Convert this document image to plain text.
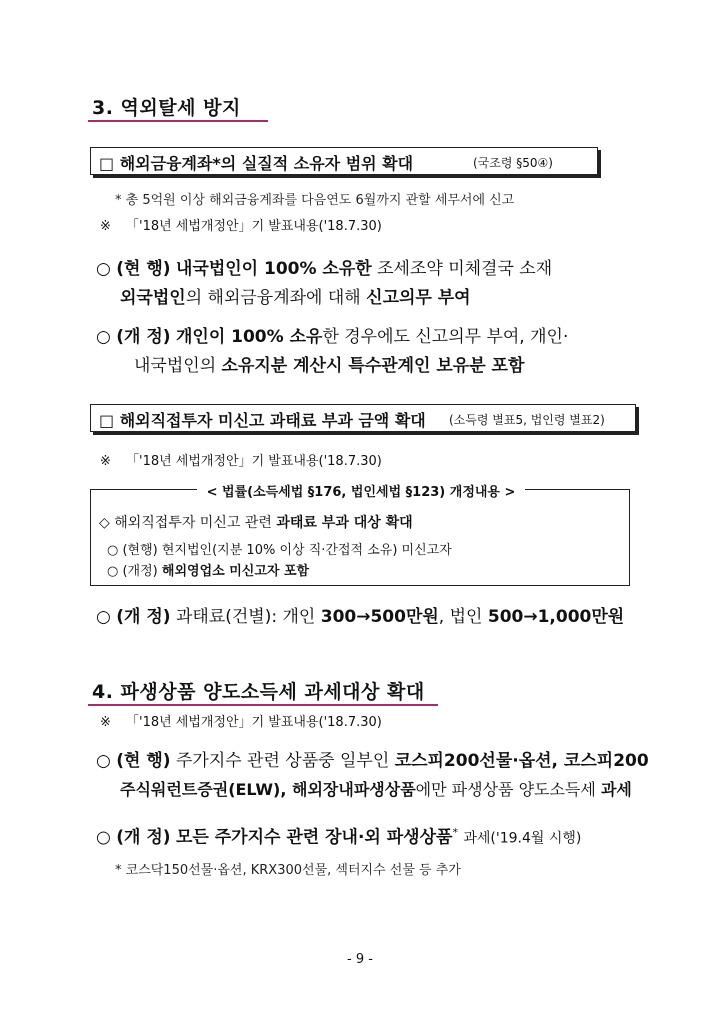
3. 역외탈세 방지
□ 해외금융계좌*의 실질적 소유자 범위 확대	(국조령 §50④)
* 총 5억원 이상 해외금융계좌를 다음연도 6월까지 관할 세무서에 신고
※ 「'18년 세법개정안」기 발표내용('18.7.30)
○ (현 행) 내국법인이 100% 소유한 조세조약 미체결국 소재
외국법인의 해외금융계좌에 대해 신고의무 부여
○ (개 정) 개인이 100% 소유한 경우에도 신고의무 부여, 개인·
내국법인의 소유지분 계산시 특수관계인 보유분 포함
□ 해외직접투자 미신고 과태료 부과 금액 확대 (소득령 별표5, 법인령 별표2)
※ 「'18년 세법개정안」기 발표내용('18.7.30)
< 법률(소득세법 §176, 법인세법 §123) 개정내용 >
◇ 해외직접투자 미신고 관련 과태료 부과 대상 확대
○ (현행) 현지법인(지분 10% 이상 직·간접적 소유) 미신고자
○ (개정) 해외영업소 미신고자 포함
○ (개 정) 과태료(건별): 개인 300→500만원, 법인 500→1,000만원
4. 파생상품 양도소득세 과세대상 확대
※ 「'18년 세법개정안」기 발표내용('18.7.30)
○ (현 행) 주가지수 관련 상품중 일부인 코스피200선물·옵션, 코스피200
주식워런트증권(ELW), 해외장내파생상품에만 파생상품 양도소득세 과세
○ (개 정) 모든 주가지수 관련 장내·외 파생상품* 과세('19.4월 시행)
* 코스닥150선물·옵션, KRX300선물, 섹터지수 선물 등 추가
- 9 -
